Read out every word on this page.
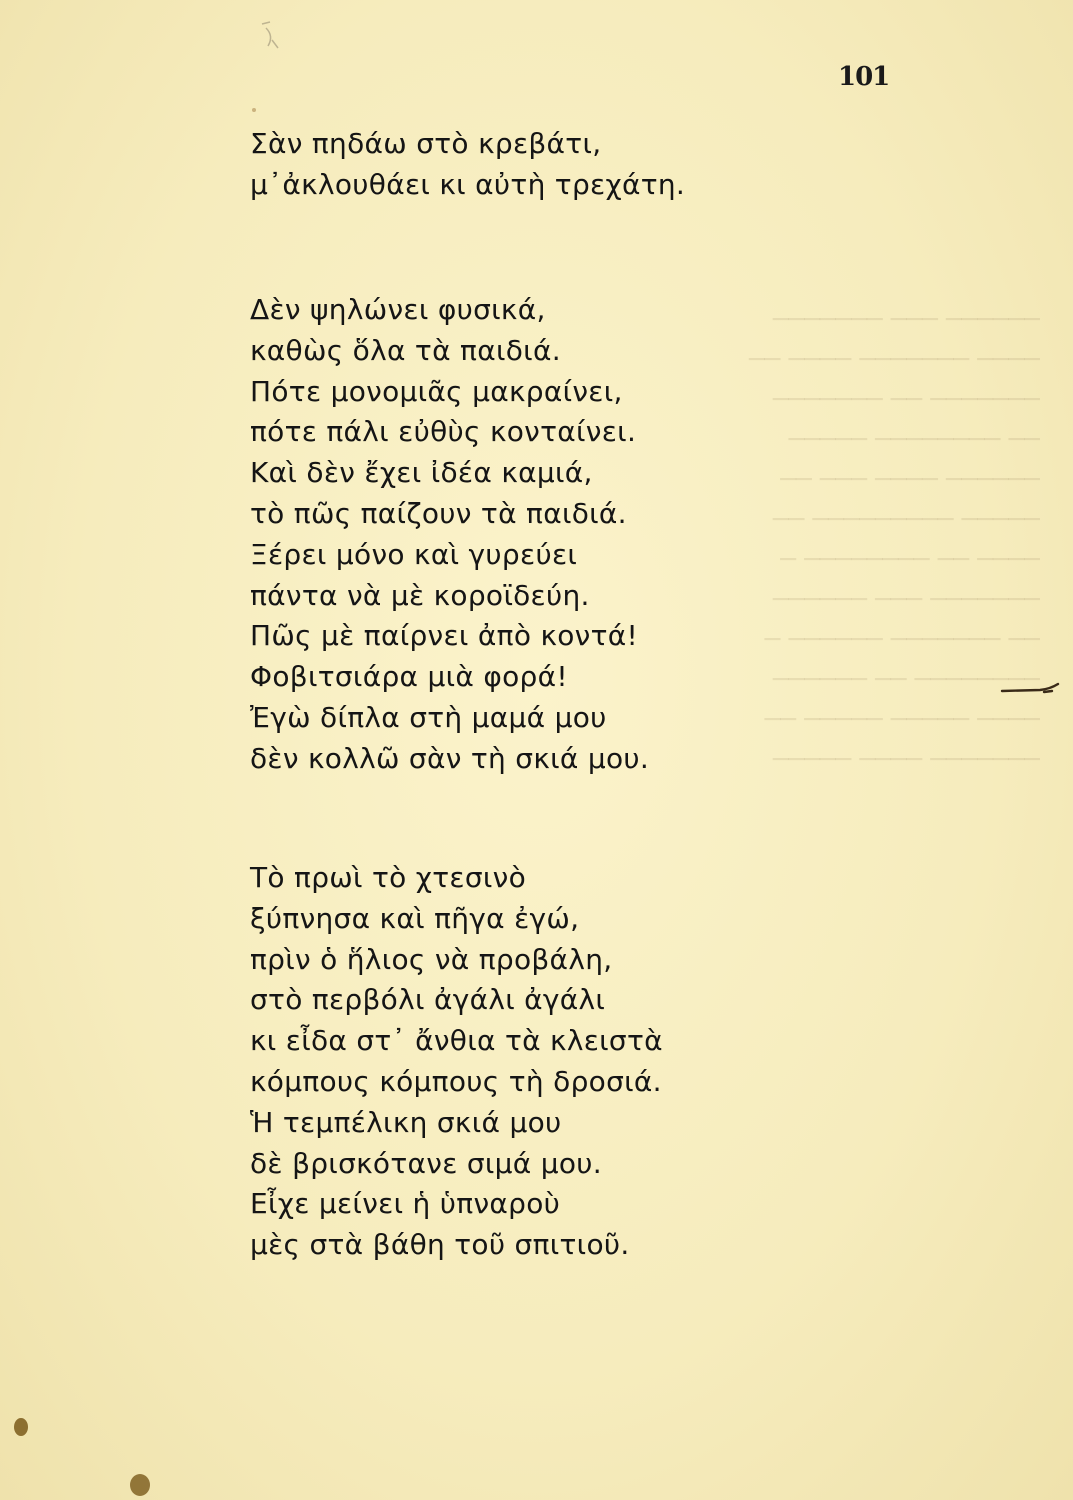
────── ─── ───────
──── ─────── ──── ──
─────── ── ───────
── ──────── ─────
────── ──── ─── ──
───── ───────── ──
──── ── ──────── ─
─────── ─── ──────
── ─────── ────── ─
──────── ── ──────
──── ───── ───── ──
─────── ──── ─────
101
Σὰν πηδάω στὸ κρεβάτι,
μ᾽ἀκλουθάει κι αὐτὴ τρεχάτη.
Δὲν ψηλώνει φυσικά,
καθὼς ὅλα τὰ παιδιά.
Πότε μονομιᾶς μακραίνει,
πότε πάλι εὐθὺς κονταίνει.
Καὶ δὲν ἔχει ἰδέα καμιά,
τὸ πῶς παίζουν τὰ παιδιά.
Ξέρει μόνο καὶ γυρεύει
πάντα νὰ μὲ κοροϊδεύη.
Πῶς μὲ παίρνει ἀπὸ κοντά!
Φοβιτσιάρα μιὰ φορά!
Ἐγὼ δίπλα στὴ μαμά μου
δὲν κολλῶ σὰν τὴ σκιά μου.
Τὸ πρωὶ τὸ χτεσινὸ
ξύπνησα καὶ πῆγα ἐγώ,
πρὶν ὁ ἥλιος νὰ προβάλη,
στὸ περβόλι ἀγάλι ἀγάλι
κι εἶδα στ᾽ ἄνθια τὰ κλειστὰ
κόμπους κόμπους τὴ δροσιά.
Ἡ τεμπέλικη σκιά μου
δὲ βρισκότανε σιμά μου.
Εἶχε μείνει ἡ ὑπναροὺ
μὲς στὰ βάθη τοῦ σπιτιοῦ.
